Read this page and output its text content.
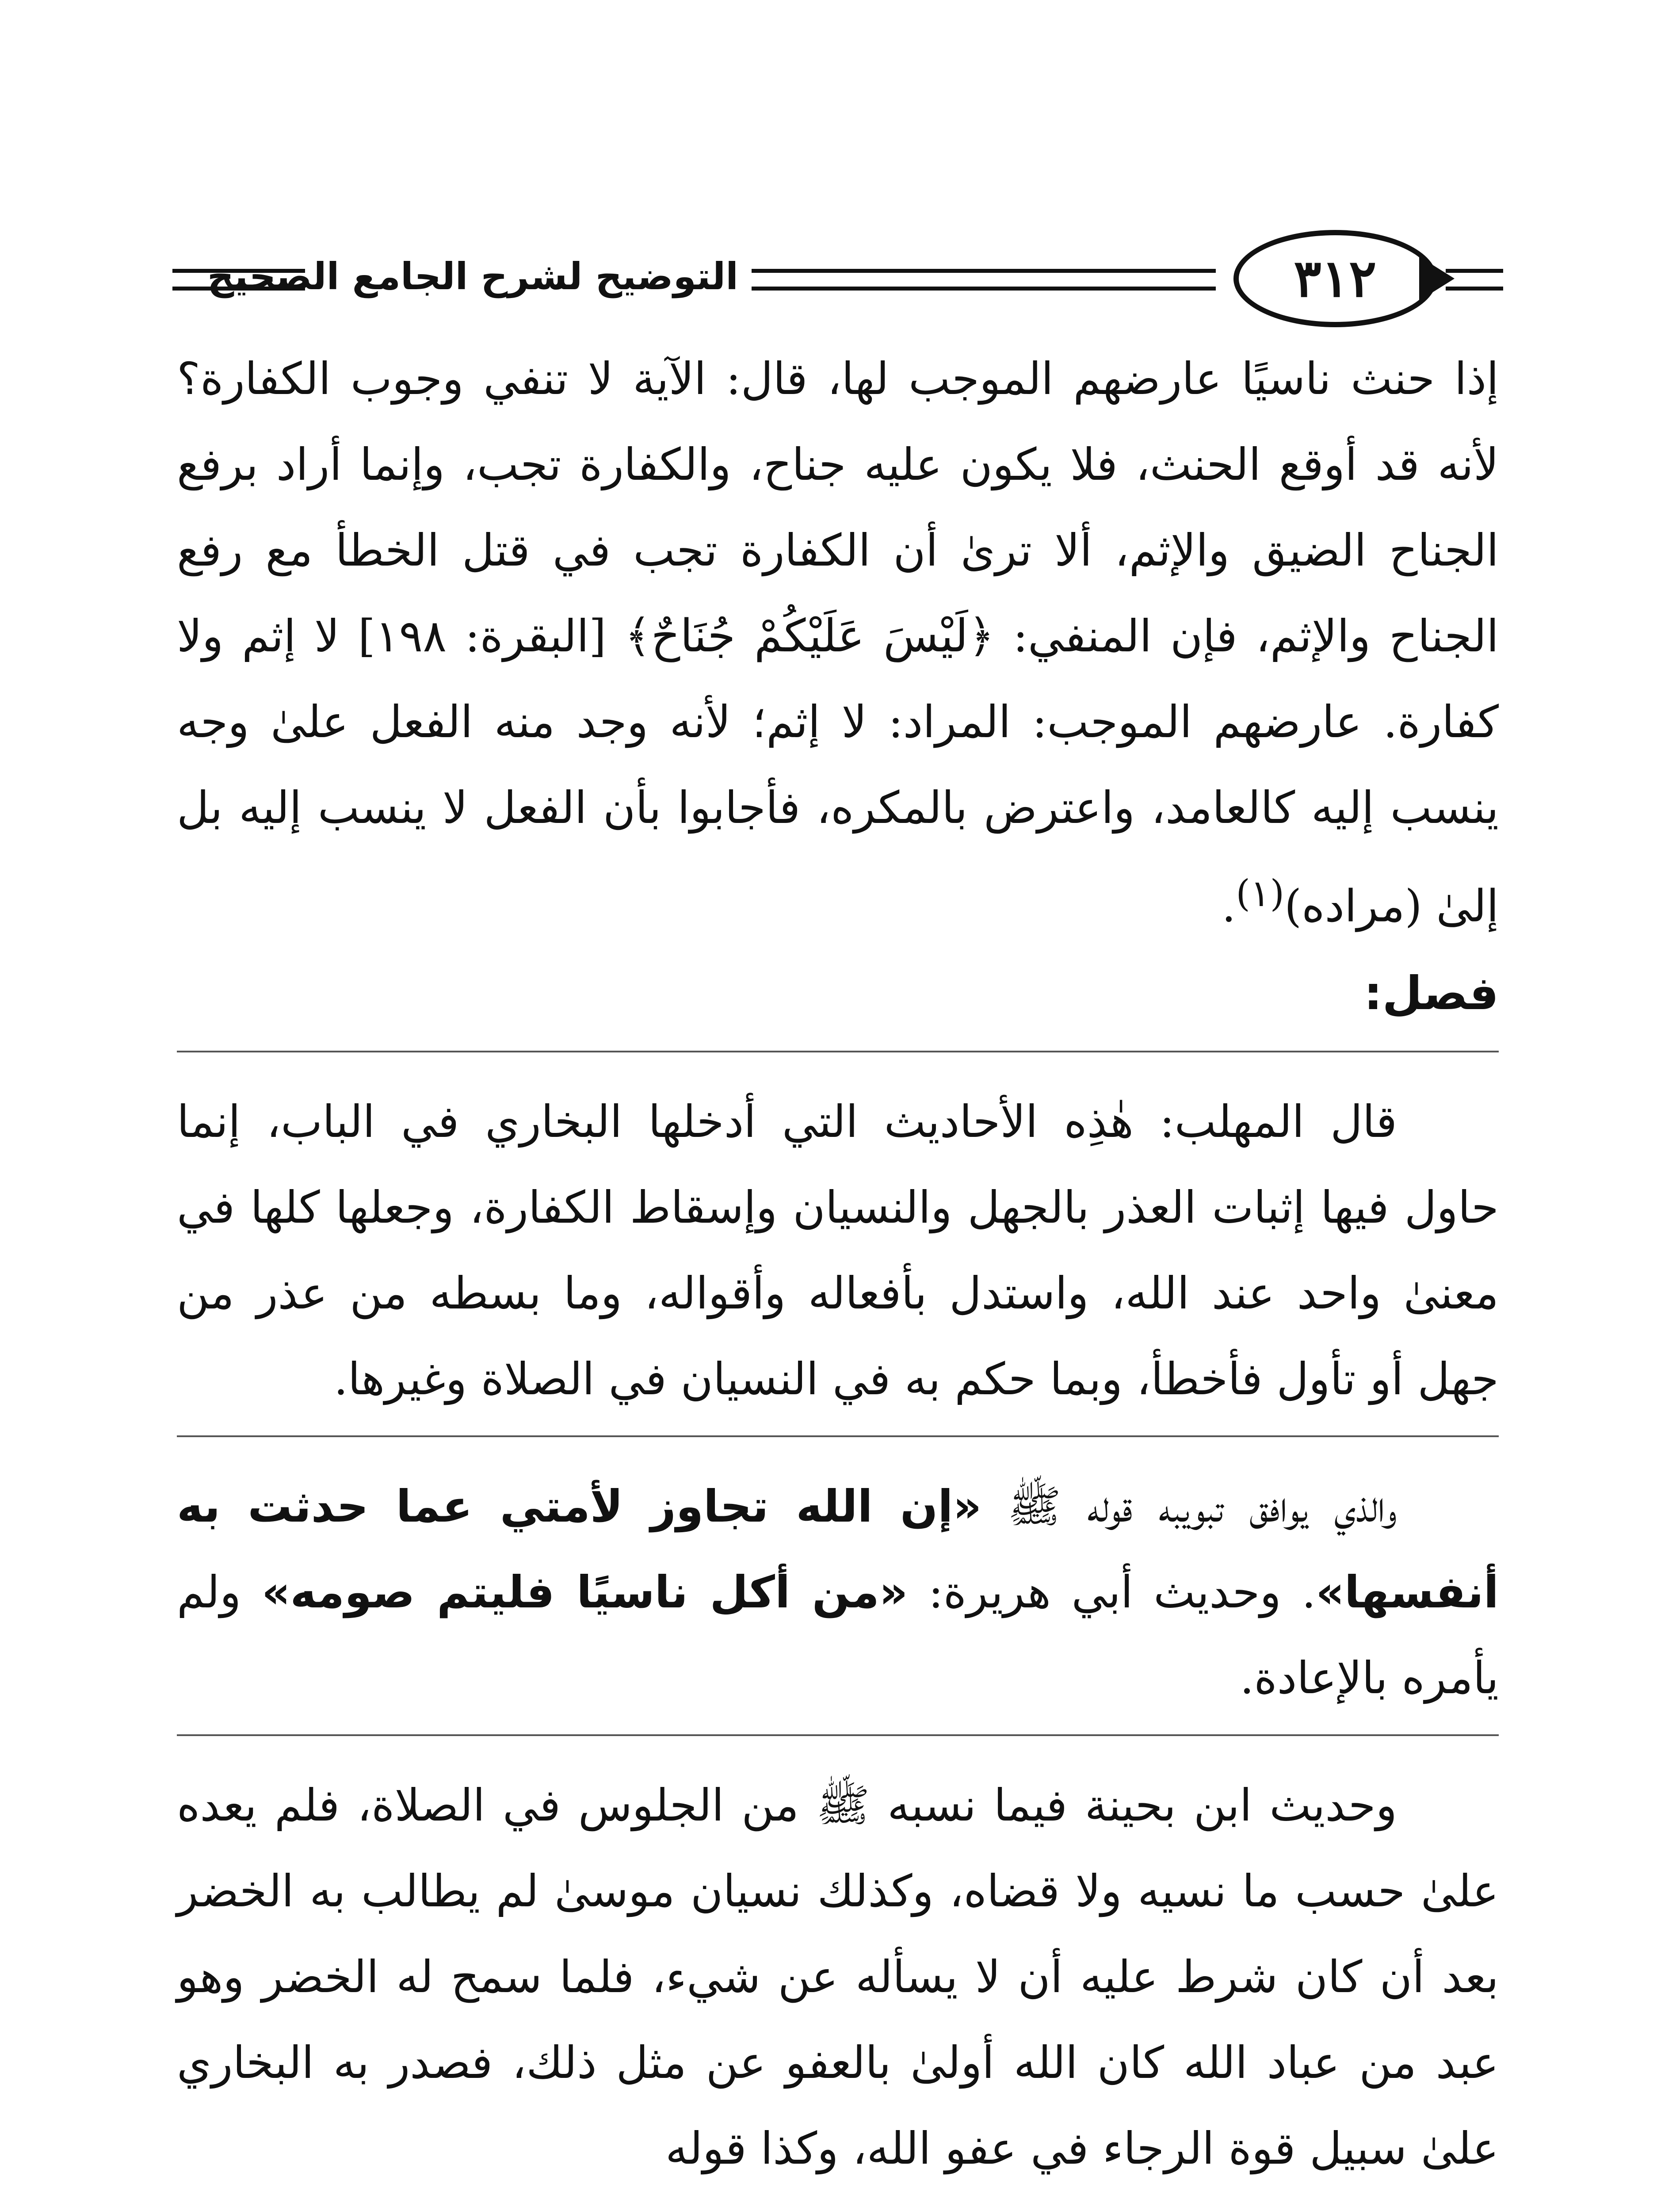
التوضيح لشرح الجامع الصحيح	٣١٢

إذا حنث ناسيًا عارضهم الموجب لها، قال: الآية لا تنفي وجوب الكفارة؟ لأنه قد أوقع الحنث، فلا يكون عليه جناح، والكفارة تجب، وإنما أراد برفع الجناح الضيق والإثم، ألا ترىٰ أن الكفارة تجب في قتل الخطأ مع رفع الجناح والإثم، فإن المنفي: ﴿لَيْسَ عَلَيْكُمْ جُنَاحٌ﴾ [البقرة: ١٩٨] لا إثم ولا كفارة. عارضهم الموجب: المراد: لا إثم؛ لأنه وجد منه الفعل علىٰ وجه ينسب إليه كالعامد، واعترض بالمكره، فأجابوا بأن الفعل لا ينسب إليه بل إلىٰ (مراده)$^{(١)}$.

فصل:

قال المهلب: هٰذِه الأحاديث التي أدخلها البخاري في الباب، إنما حاول فيها إثبات العذر بالجهل والنسيان وإسقاط الكفارة، وجعلها كلها في معنىٰ واحد عند الله، واستدل بأفعاله وأقواله، وما بسطه من عذر من جهل أو تأول فأخطأ، وبما حكم به في النسيان في الصلاة وغيرها.

والذي يوافق تبويبه قوله ﷺ «إن الله تجاوز لأمتي عما حدثت به أنفسها». وحديث أبي هريرة: «من أكل ناسيًا فليتم صومه» ولم يأمره بالإعادة.

وحديث ابن بحينة فيما نسبه ﷺ من الجلوس في الصلاة، فلم يعده علىٰ حسب ما نسيه ولا قضاه، وكذلك نسيان موسىٰ لم يطالب به الخضر بعد أن كان شرط عليه أن لا يسأله عن شيء، فلما سمح له الخضر وهو عبد من عباد الله كان الله أولىٰ بالعفو عن مثل ذلك، فصدر به البخاري علىٰ سبيل قوة الرجاء في عفو الله، وكذا قوله
